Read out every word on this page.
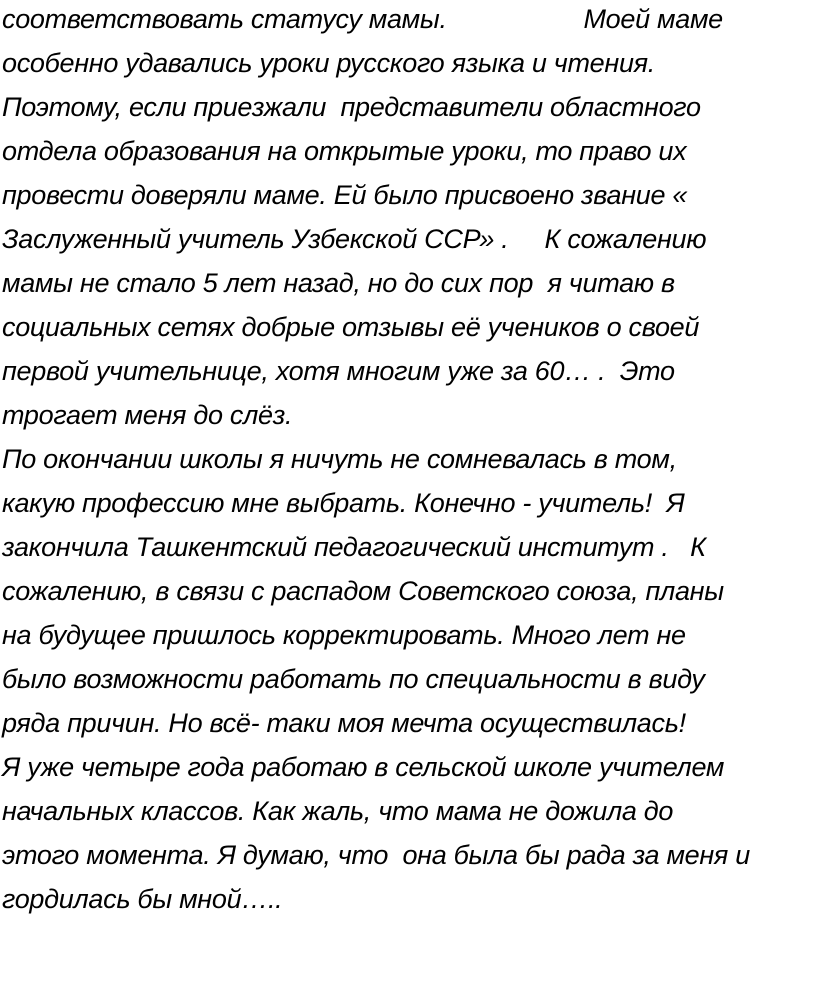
соответствовать статусу мамы.                   Моей маме
особенно удавались уроки русского языка и чтения.
Поэтому, если приезжали  представители областного
отдела образования на открытые уроки, то право их
провести доверяли маме. Ей было присвоено звание «
Заслуженный учитель Узбекской ССР» .     К сожалению
мамы не стало 5 лет назад, но до сих пор  я читаю в
социальных сетях добрые отзывы её учеников о своей
первой учительнице, хотя многим уже за 60… .  Это
трогает меня до слёз.
По окончании школы я ничуть не сомневалась в том,
какую профессию мне выбрать. Конечно - учитель!  Я
закончила Ташкентский педагогический институт .   К
сожалению, в связи с распадом Советского союза, планы
на будущее пришлось корректировать. Много лет не
было возможности работать по специальности в виду
ряда причин. Но всё- таки моя мечта осуществилась!
Я уже четыре года работаю в сельской школе учителем
начальных классов. Как жаль, что мама не дожила до
этого момента. Я думаю, что  она была бы рада за меня и
гордилась бы мной…..
